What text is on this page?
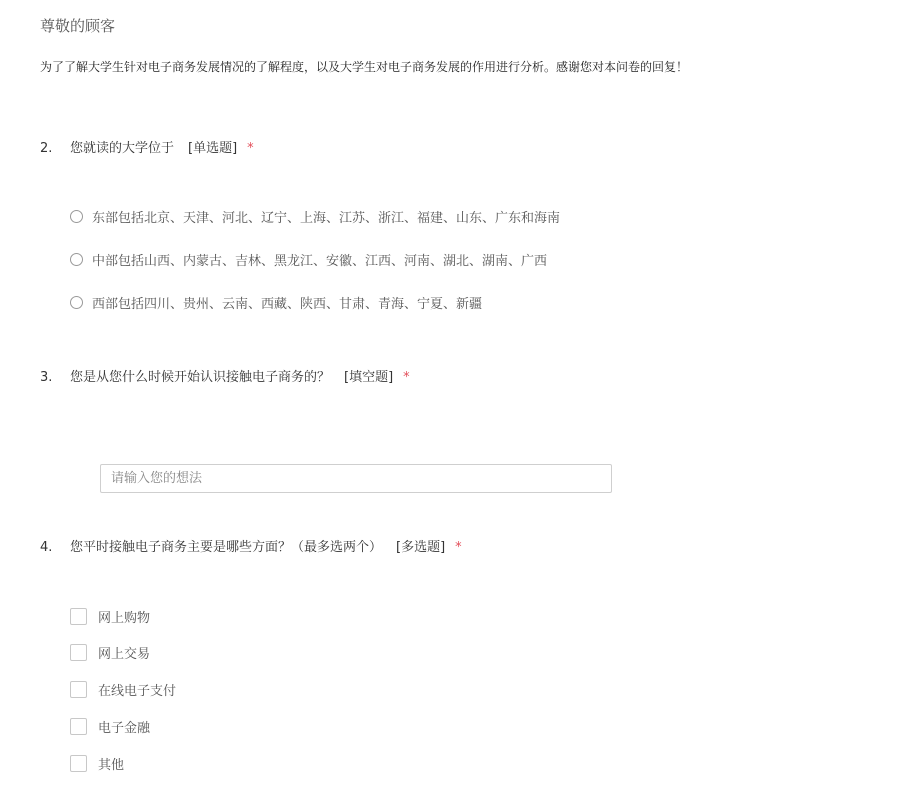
尊敬的顾客
为了了解大学生针对电子商务发展情况的了解程度，以及大学生对电子商务发展的作用进行分析。感谢您对本问卷的回复！
2. 您就读的大学位于 [单选题] *
东部包括北京、天津、河北、辽宁、上海、江苏、浙江、福建、山东、广东和海南
中部包括山西、内蒙古、吉林、黑龙江、安徽、江西、河南、湖北、湖南、广西
西部包括四川、贵州、云南、西藏、陕西、甘肃、青海、宁夏、新疆
3. 您是从您什么时候开始认识接触电子商务的？ [填空题] *
请输入您的想法
4. 您平时接触电子商务主要是哪些方面？（最多选两个） [多选题] *
网上购物
网上交易
在线电子支付
电子金融
其他
